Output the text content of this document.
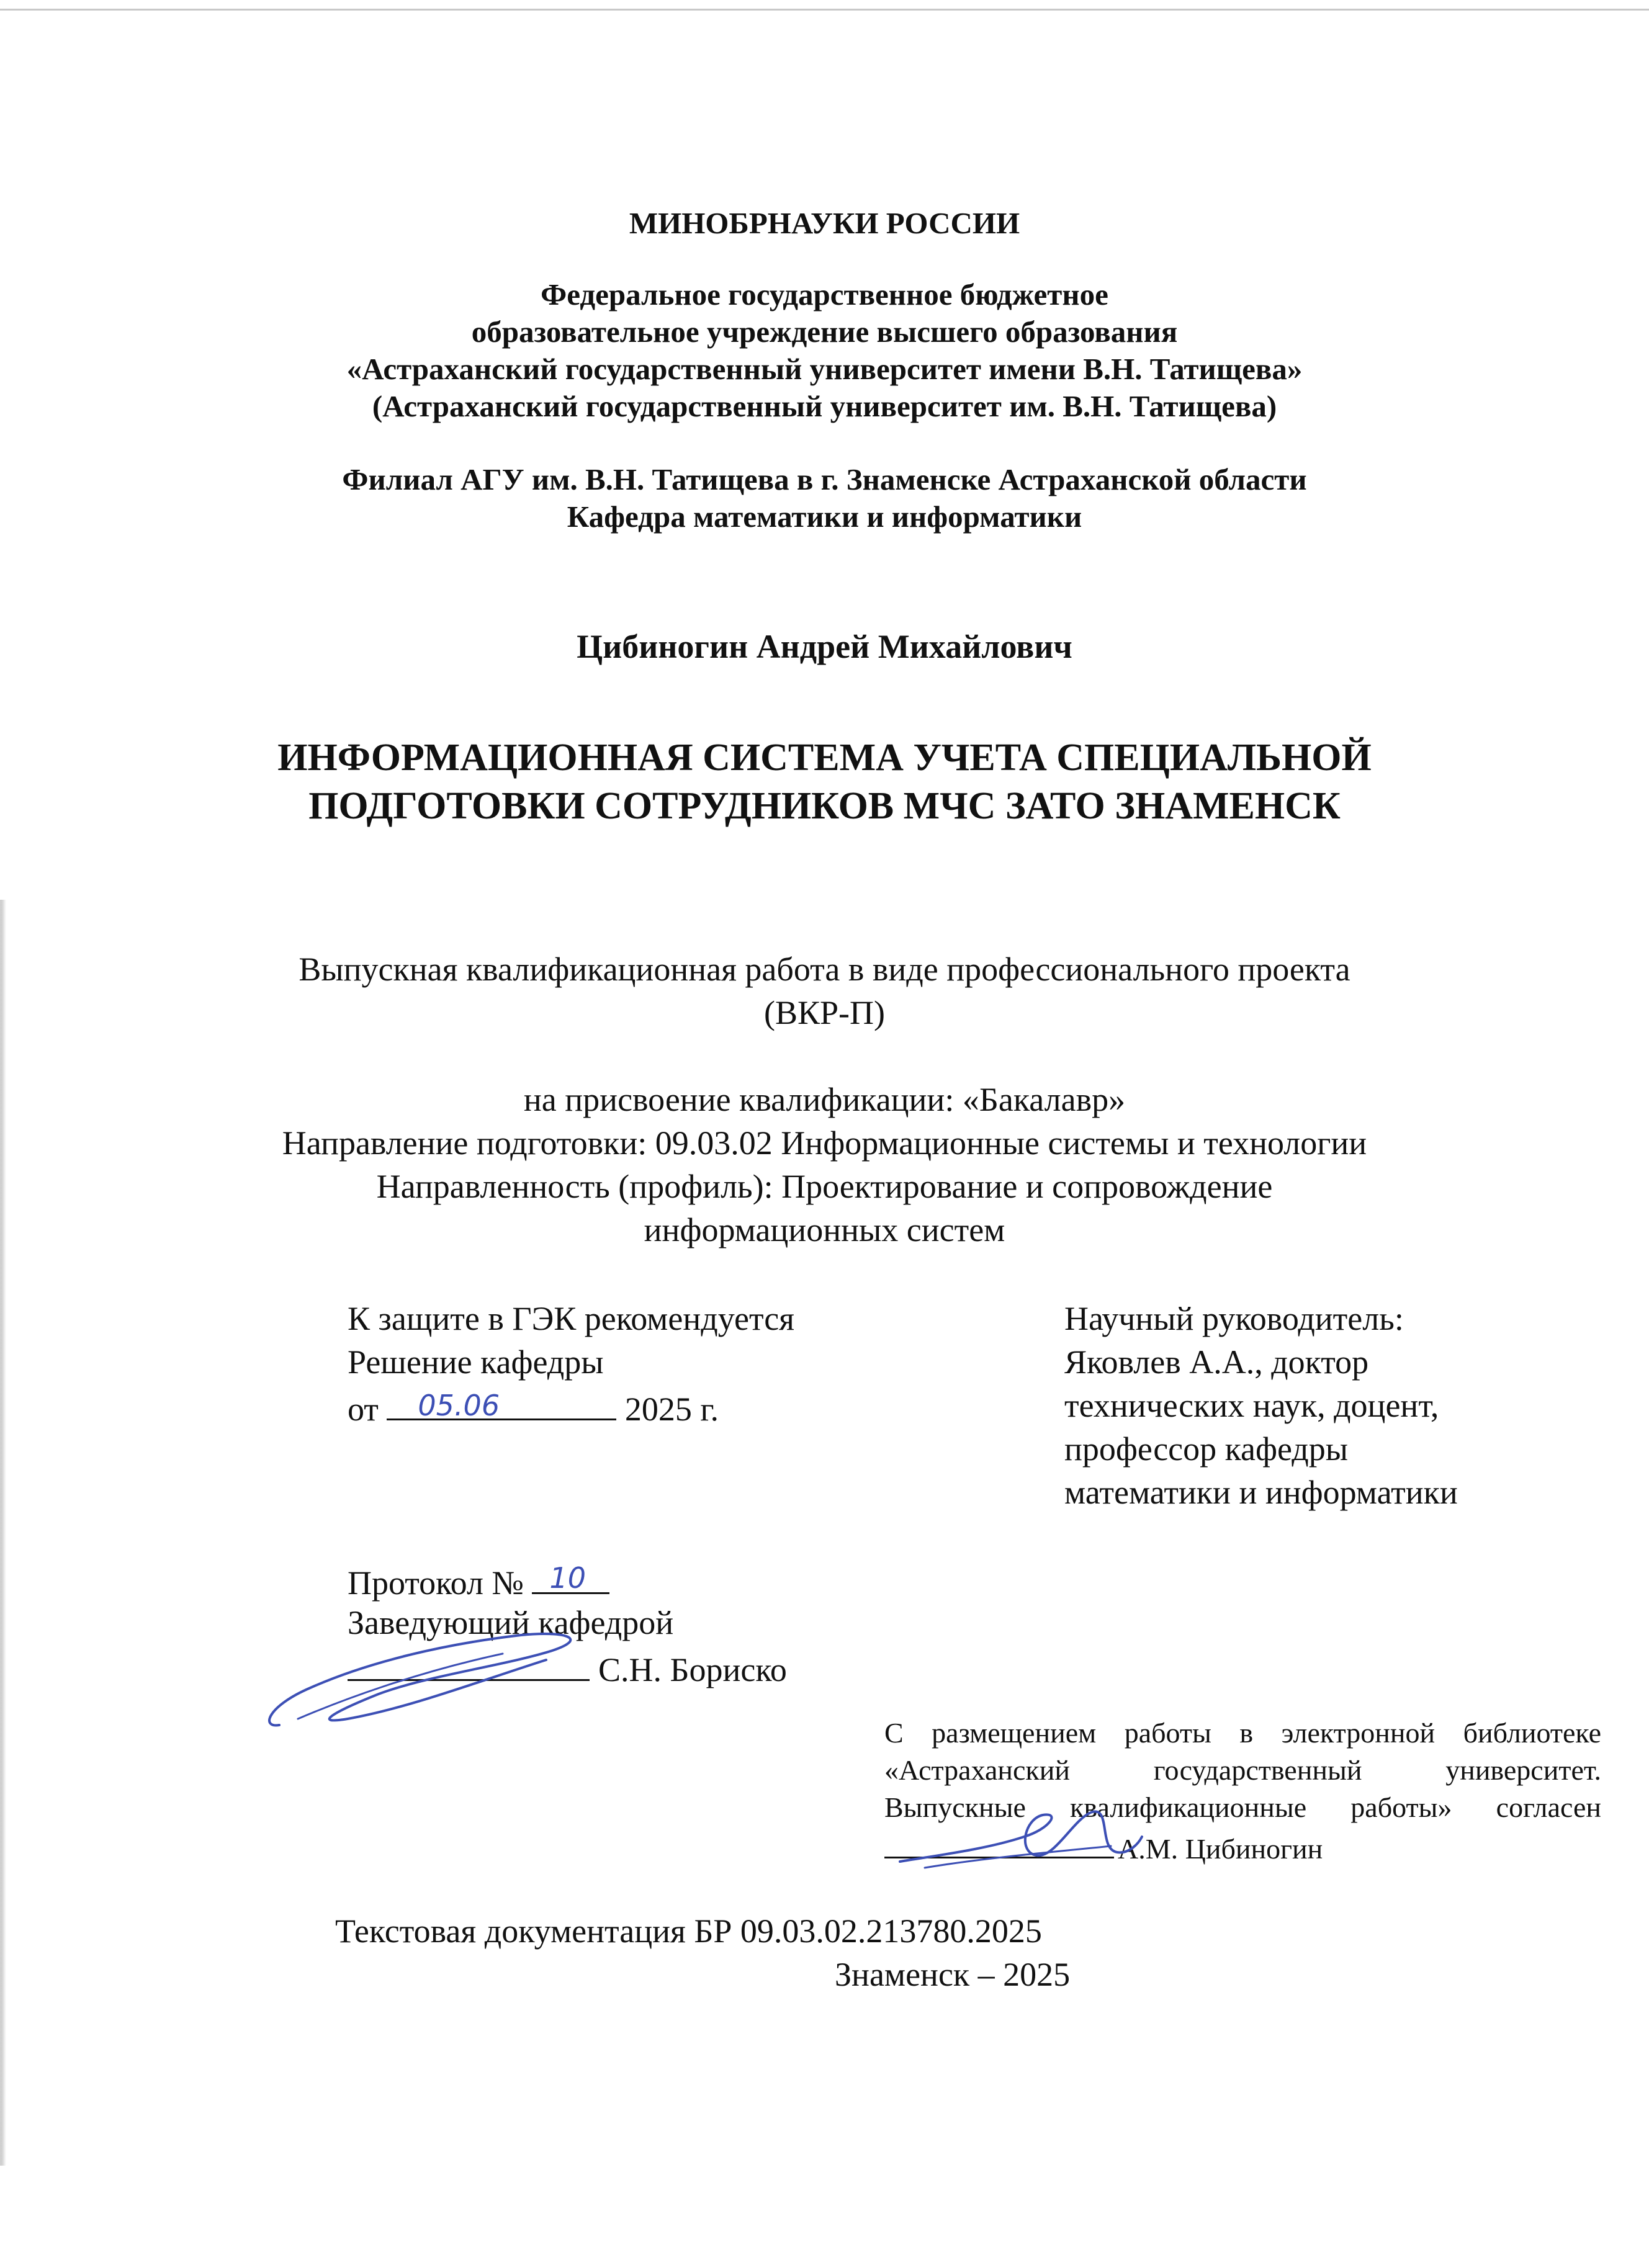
МИНОБРНАУКИ РОССИИ
Федеральное государственное бюджетное
образовательное учреждение высшего образования
«Астраханский государственный университет имени В.Н. Татищева»
(Астраханский государственный университет им. В.Н. Татищева)
Филиал АГУ им. В.Н. Татищева в г. Знаменске Астраханской области
Кафедра математики и информатики
Цибиногин Андрей Михайлович
ИНФОРМАЦИОННАЯ СИСТЕМА УЧЕТА СПЕЦИАЛЬНОЙ
ПОДГОТОВКИ СОТРУДНИКОВ МЧС ЗАТО ЗНАМЕНСК
Выпускная квалификационная работа в виде профессионального проекта
(ВКР-П)
на присвоение квалификации: «Бакалавр»
Направление подготовки: 09.03.02 Информационные системы и технологии
Направленность (профиль): Проектирование и сопровождение
информационных систем
К защите в ГЭК рекомендуется
Решение кафедры
от 05.06	2025 г.
Протокол № 10
Заведующий кафедрой
С.Н. Бориско
Научный руководитель:
Яковлев А.А., доктор
технических наук, доцент,
профессор кафедры
математики и информатики
С размещением работы в электронной библиотеке
«Астраханский государственный университет.
Выпускные квалификационные работы» согласен
А.М. Цибиногин
Текстовая документация БР 09.03.02.213780.2025
Знаменск – 2025
